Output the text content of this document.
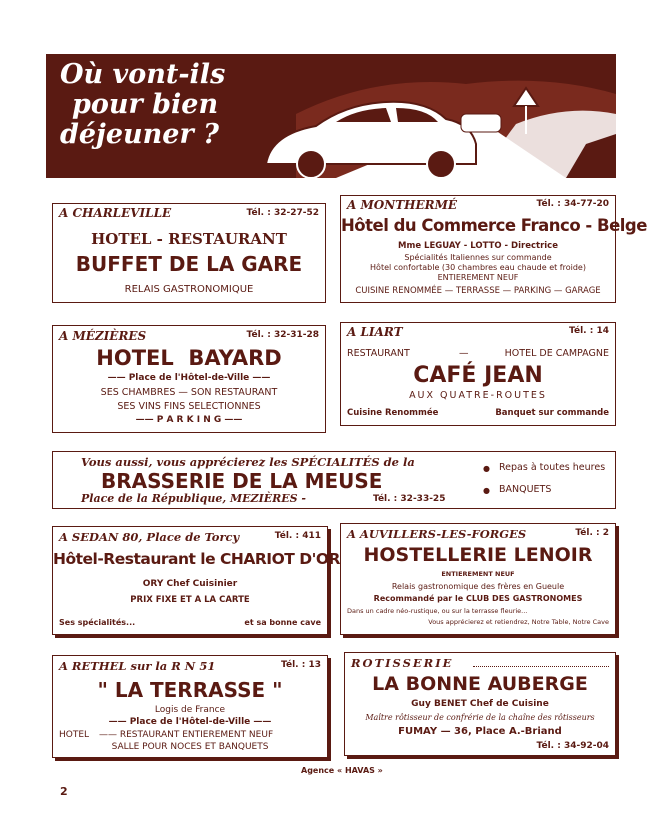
Où vont-ils
pour bien
déjeuner ?
A CHARLEVILLE	Tél. : 32-27-52
HOTEL - RESTAURANT
BUFFET DE LA GARE
RELAIS GASTRONOMIQUE
A MONTHERMÉ	Tél. : 34-77-20
Hôtel du Commerce Franco - Belge
Mme LEGUAY - LOTTO - Directrice
Spécialités Italiennes sur commande
Hôtel confortable (30 chambres eau chaude et froide)
ENTIEREMENT NEUF
CUISINE RENOMMÉE — TERRASSE — PARKING — GARAGE
A MÉZIÈRES	Tél. : 32-31-28
HOTEL  BAYARD
—— Place de l'Hôtel-de-Ville ——
SES CHAMBRES — SON RESTAURANT
SES VINS FINS SELECTIONNES
—— P A R K I N G ——
A LIART	Tél. : 14
RESTAURANT	—	HOTEL DE CAMPAGNE
CAFÉ JEAN
AUX QUATRE-ROUTES
Cuisine Renommée	Banquet sur commande
Vous aussi, vous apprécierez les SPÉCIALITÉS de la
BRASSERIE DE LA MEUSE
Place de la République, MEZIÈRES -	Tél. : 32-33-25
● Repas à toutes heures
● BANQUETS
A SEDAN 80, Place de Torcy	Tél. : 411
Hôtel-Restaurant le CHARIOT D'OR
ORY Chef Cuisinier
PRIX FIXE ET A LA CARTE
Ses spécialités...	et sa bonne cave
A AUVILLERS-LES-FORGES	Tél. : 2
HOSTELLERIE LENOIR
ENTIEREMENT NEUF
Relais gastronomique des frères en Gueule
Recommandé par le CLUB DES GASTRONOMES
Dans un cadre néo-rustique, ou sur la terrasse fleurie...
Vous apprécierez et retiendrez, Notre Table, Notre Cave
A RETHEL sur la R N 51	Tél. : 13
" LA TERRASSE "
Logis de France
—— Place de l'Hôtel-de-Ville ——
HOTEL —— RESTAURANT ENTIEREMENT NEUF
SALLE POUR NOCES ET BANQUETS
ROTISSERIE
LA BONNE AUBERGE
Guy BENET Chef de Cuisine
Maître rôtisseur de confrérie de la chaîne des rôtisseurs
FUMAY — 36, Place A.-Briand
Tél. : 34-92-04
Agence « HAVAS »
2
